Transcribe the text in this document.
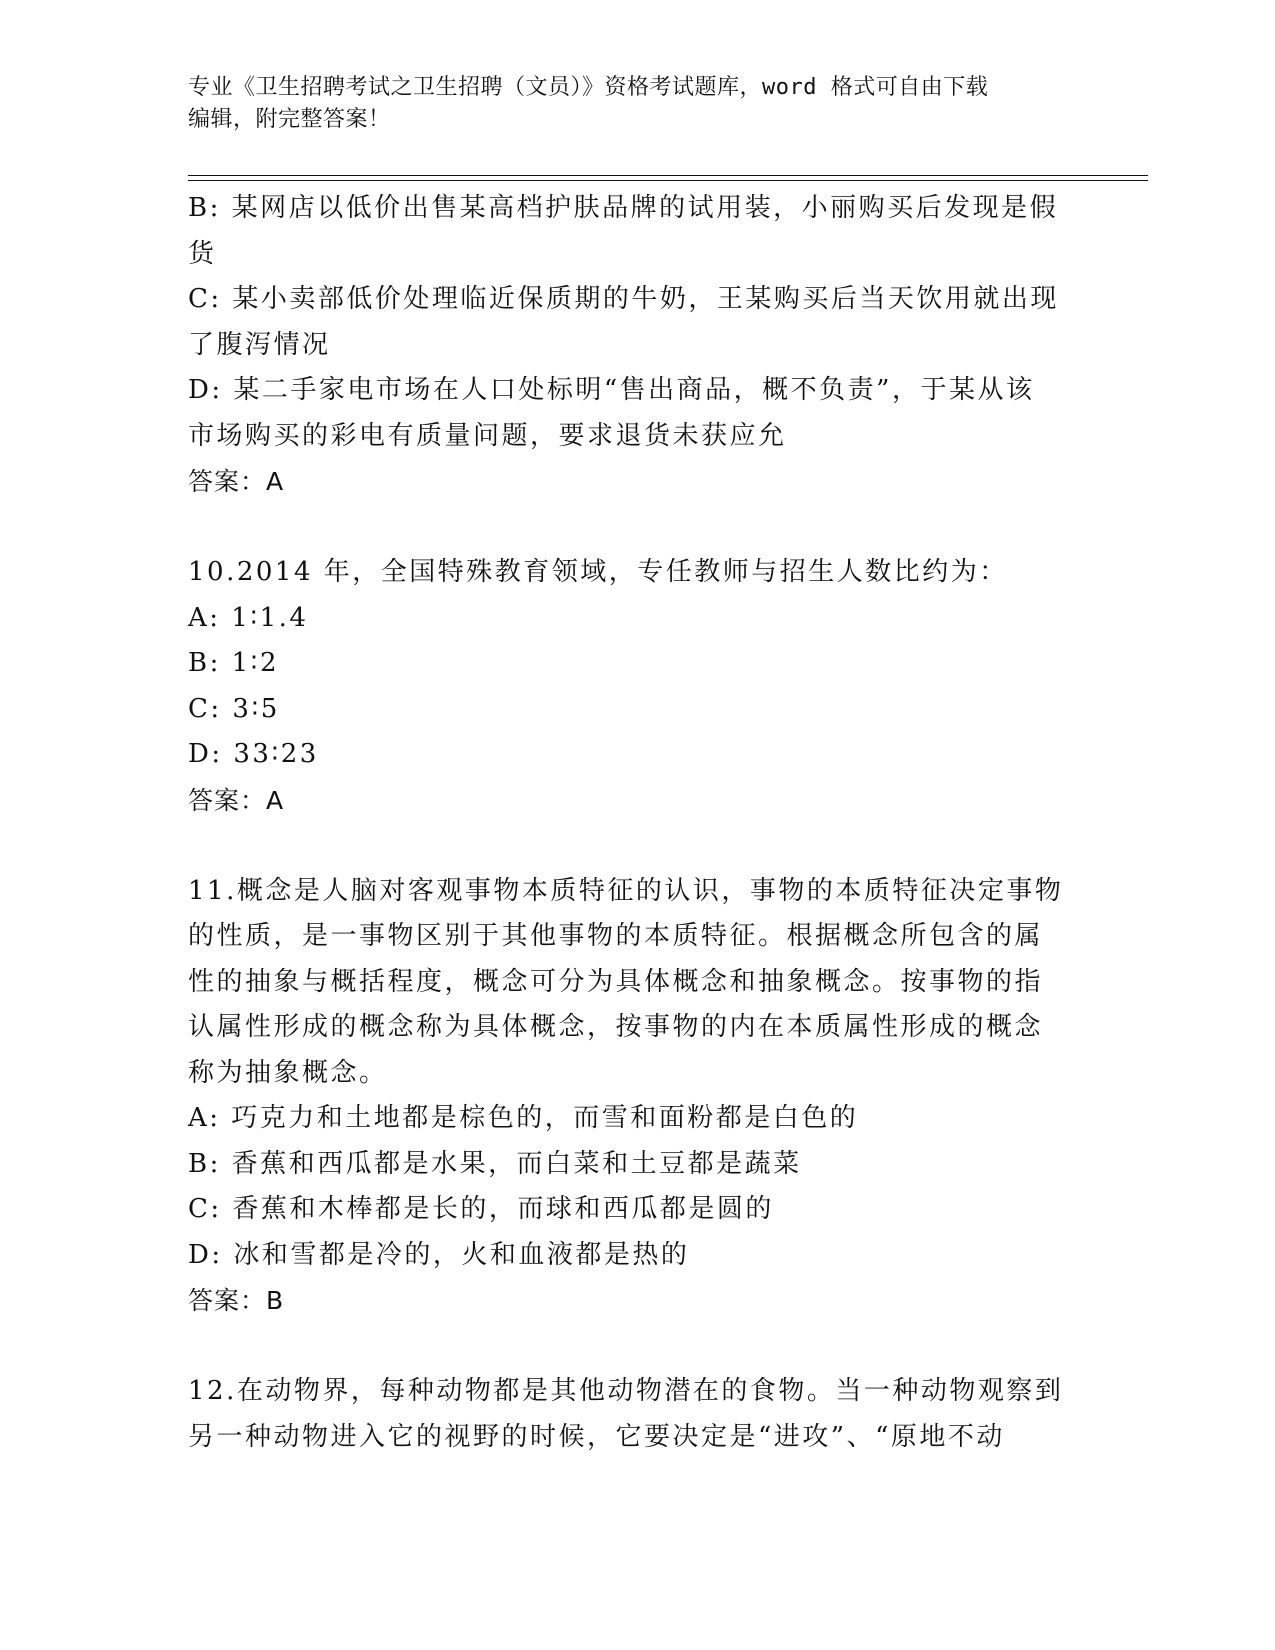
专业《卫生招聘考试之卫生招聘（文员）》资格考试题库，word 格式可自由下载
编辑，附完整答案！
B: 某网店以低价出售某高档护肤品牌的试用装，小丽购买后发现是假
货
C: 某小卖部低价处理临近保质期的牛奶，王某购买后当天饮用就出现
了腹泻情况
D: 某二手家电市场在人口处标明“售出商品，概不负责”，于某从该
市场购买的彩电有质量问题，要求退货未获应允
答案：A
10.2014 年，全国特殊教育领域，专任教师与招生人数比约为：
A: 1∶1.4
B: 1∶2
C: 3∶5
D: 33∶23
答案：A
11.概念是人脑对客观事物本质特征的认识，事物的本质特征决定事物
的性质，是一事物区别于其他事物的本质特征。根据概念所包含的属
性的抽象与概括程度，概念可分为具体概念和抽象概念。按事物的指
认属性形成的概念称为具体概念，按事物的内在本质属性形成的概念
称为抽象概念。
A: 巧克力和土地都是棕色的，而雪和面粉都是白色的
B: 香蕉和西瓜都是水果，而白菜和土豆都是蔬菜
C: 香蕉和木棒都是长的，而球和西瓜都是圆的
D: 冰和雪都是冷的，火和血液都是热的
答案：B
12.在动物界，每种动物都是其他动物潜在的食物。当一种动物观察到
另一种动物进入它的视野的时候，它要决定是“进攻”、“原地不动
